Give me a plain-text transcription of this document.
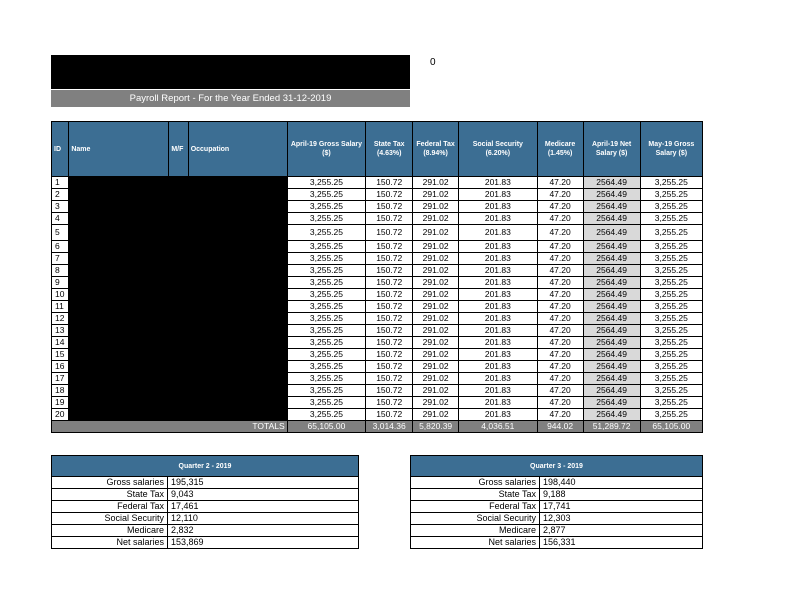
Payroll Report - For the Year Ended 31-12-2019
0
ID	Name	M/F	Occupation	April-19 Gross Salary ($)	State Tax (4.63%)	Federal Tax (8.94%)	Social Security (6.20%)	Medicare (1.45%)	April-19 Net Salary ($)	May-19 Gross Salary ($)
1				3,255.25	150.72	291.02	201.83	47.20	2564.49	3,255.25
2				3,255.25	150.72	291.02	201.83	47.20	2564.49	3,255.25
3				3,255.25	150.72	291.02	201.83	47.20	2564.49	3,255.25
4				3,255.25	150.72	291.02	201.83	47.20	2564.49	3,255.25
5				3,255.25	150.72	291.02	201.83	47.20	2564.49	3,255.25
6				3,255.25	150.72	291.02	201.83	47.20	2564.49	3,255.25
7				3,255.25	150.72	291.02	201.83	47.20	2564.49	3,255.25
8				3,255.25	150.72	291.02	201.83	47.20	2564.49	3,255.25
9				3,255.25	150.72	291.02	201.83	47.20	2564.49	3,255.25
10				3,255.25	150.72	291.02	201.83	47.20	2564.49	3,255.25
11				3,255.25	150.72	291.02	201.83	47.20	2564.49	3,255.25
12				3,255.25	150.72	291.02	201.83	47.20	2564.49	3,255.25
13				3,255.25	150.72	291.02	201.83	47.20	2564.49	3,255.25
14				3,255.25	150.72	291.02	201.83	47.20	2564.49	3,255.25
15				3,255.25	150.72	291.02	201.83	47.20	2564.49	3,255.25
16				3,255.25	150.72	291.02	201.83	47.20	2564.49	3,255.25
17				3,255.25	150.72	291.02	201.83	47.20	2564.49	3,255.25
18				3,255.25	150.72	291.02	201.83	47.20	2564.49	3,255.25
19				3,255.25	150.72	291.02	201.83	47.20	2564.49	3,255.25
20				3,255.25	150.72	291.02	201.83	47.20	2564.49	3,255.25
TOTALS				65,105.00	3,014.36	5,820.39	4,036.51	944.02	51,289.72	65,105.00
Quarter 2 - 2019	
Gross salaries	195,315
State Tax	9,043
Federal Tax	17,461
Social Security	12,110
Medicare	2,832
Net salaries	153,869
Quarter 3 - 2019	
Gross salaries	198,440
State Tax	9,188
Federal Tax	17,741
Social Security	12,303
Medicare	2,877
Net salaries	156,331
